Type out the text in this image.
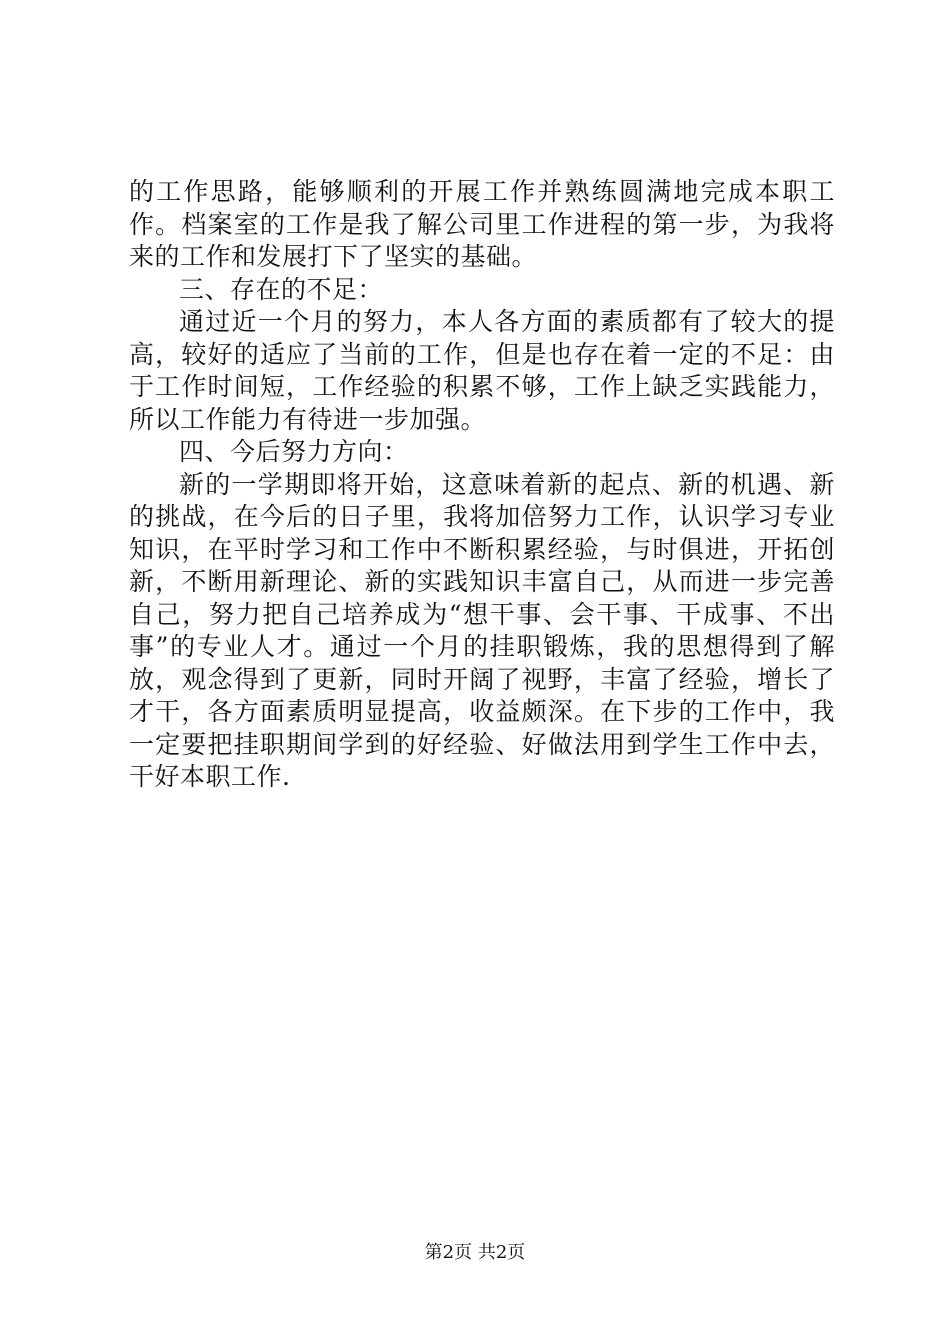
的工作思路，能够顺利的开展工作并熟练圆满地完成本职工作。档案室的工作是我了解公司里工作进程的第一步，为我将来的工作和发展打下了坚实的基础。

三、存在的不足：

通过近一个月的努力，本人各方面的素质都有了较大的提高，较好的适应了当前的工作，但是也存在着一定的不足：由于工作时间短，工作经验的积累不够，工作上缺乏实践能力，所以工作能力有待进一步加强。

四、今后努力方向：

新的一学期即将开始，这意味着新的起点、新的机遇、新的挑战，在今后的日子里，我将加倍努力工作，认识学习专业知识，在平时学习和工作中不断积累经验，与时俱进，开拓创新，不断用新理论、新的实践知识丰富自己，从而进一步完善自己，努力把自己培养成为“想干事、会干事、干成事、不出事”的专业人才。通过一个月的挂职锻炼，我的思想得到了解放，观念得到了更新，同时开阔了视野，丰富了经验，增长了才干，各方面素质明显提高，收益颇深。在下步的工作中，我一定要把挂职期间学到的好经验、好做法用到学生工作中去，干好本职工作.

第2页 共2页
